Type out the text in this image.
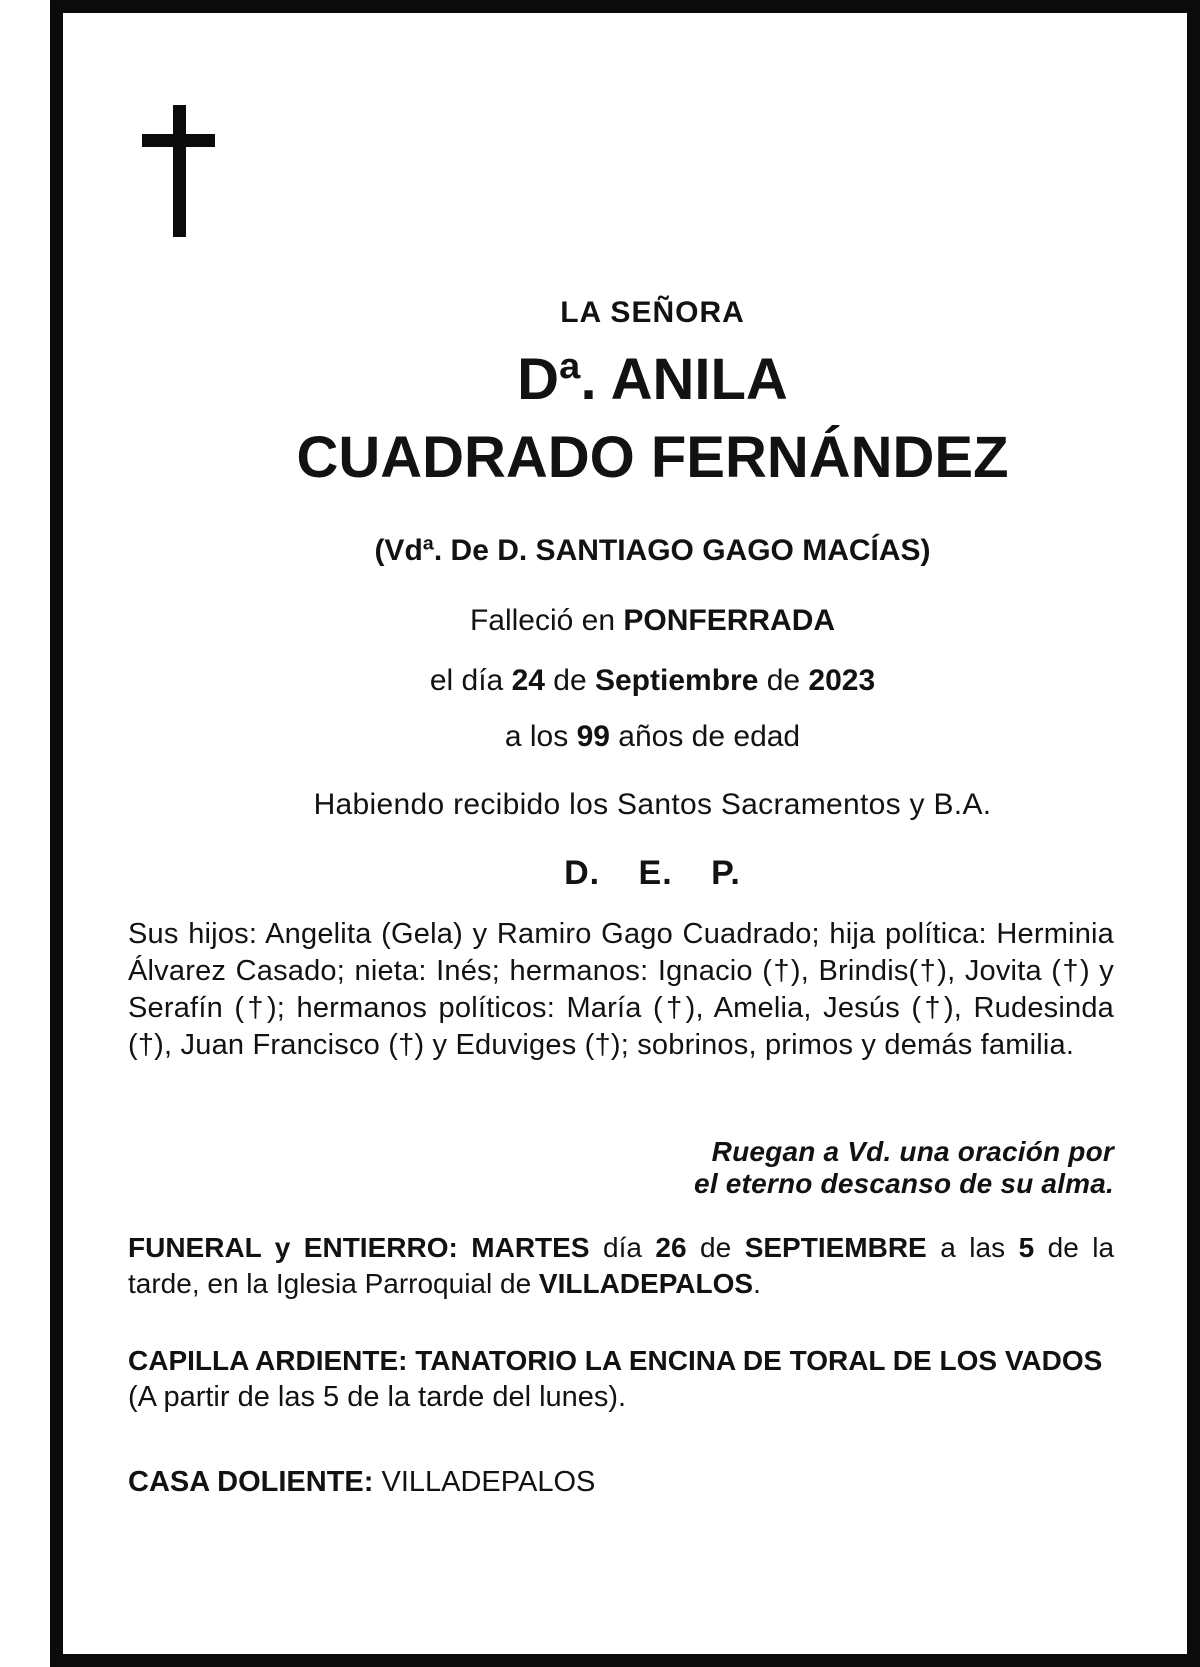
LA SEÑORA
Dª. ANILA
CUADRADO FERNÁNDEZ
(Vdª. De D. SANTIAGO GAGO MACÍAS)
Falleció en PONFERRADA
el día 24 de Septiembre de 2023
a los 99 años de edad
Habiendo recibido los Santos Sacramentos y B.A.
D. E. P.
Sus hijos: Angelita (Gela) y Ramiro Gago Cuadrado; hija política: Herminia Álvarez Casado; nieta: Inés; hermanos: Ignacio (†), Brindis(†), Jovita (†) y Serafín (†); hermanos políticos: María (†), Amelia, Jesús (†), Rudesinda (†), Juan Francisco (†) y Eduviges (†); sobrinos, primos y demás familia.
Ruegan a Vd. una oración por
el eterno descanso de su alma.
FUNERAL y ENTIERRO: MARTES día 26 de SEPTIEMBRE a las 5 de la tarde, en la Iglesia Parroquial de VILLADEPALOS.
CAPILLA ARDIENTE: TANATORIO LA ENCINA DE TORAL DE LOS VADOS
(A partir de las 5 de la tarde del lunes).
CASA DOLIENTE: VILLADEPALOS
